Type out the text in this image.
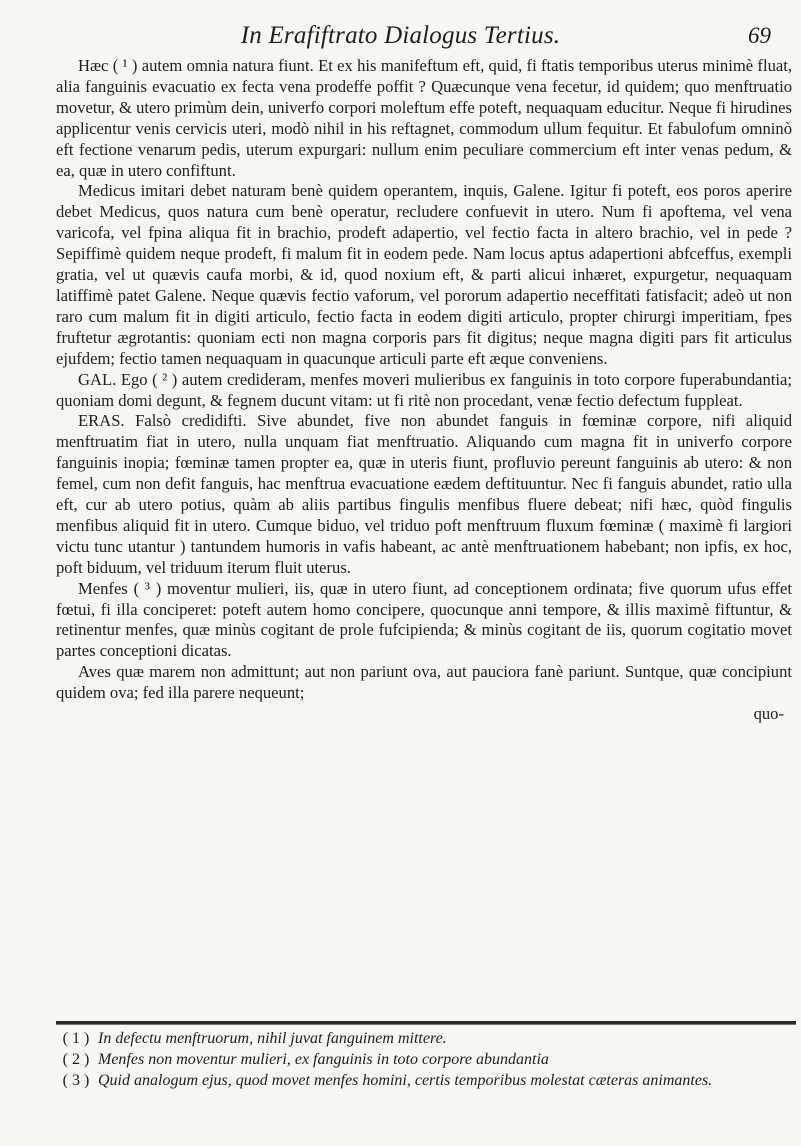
In Erafiftrato Dialogus Tertius.	69

Hæc ( ¹ ) autem omnia natura fiunt. Et ex his manifeftum eft, quid, fi ftatis temporibus uterus minimè fluat, alia fanguinis evacuatio ex fecta vena prodeffe poffit ? Quæcunque vena fecetur, id quidem; quo menftruatio movetur, & utero primùm dein, univerfo corpori moleftum effe poteft, nequaquam educitur. Neque fi hirudines applicentur venis cervicis uteri, modò nihil in his reftagnet, commodum ullum fequitur. Et fabulofum omninò eft fectione venarum pedis, uterum expurgari: nullum enim peculiare commercium eft inter venas pedum, & ea, quæ in utero confiftunt.

Medicus imitari debet naturam benè quidem operantem, inquis, Galene. Igitur fi poteft, eos poros aperire debet Medicus, quos natura cum benè operatur, recludere confuevit in utero. Num fi apoftema, vel vena varicofa, vel fpina aliqua fit in brachio, prodeft adapertio, vel fectio facta in altero brachio, vel in pede ? Sepiffimè quidem neque prodeft, fi malum fit in eodem pede. Nam locus aptus adapertioni abfceffus, exempli gratia, vel ut quævis caufa morbi, & id, quod noxium eft, & parti alicui inhæret, expurgetur, nequaquam latiffimè patet Galene. Neque quævis fectio vaforum, vel pororum adapertio neceffitati fatisfacit; adeò ut non raro cum malum fit in digiti articulo, fectio facta in eodem digiti articulo, propter chirurgi imperitiam, fpes fruftetur ægrotantis: quoniam ecti non magna corporis pars fit digitus; neque magna digiti pars fit articulus ejufdem; fectio tamen nequaquam in quacunque articuli parte eft æque conveniens.

GAL. Ego ( ² ) autem credideram, menfes moveri mulieribus ex fanguinis in toto corpore fuperabundantia; quoniam domi degunt, & fegnem ducunt vitam: ut fi ritè non procedant, venæ fectio defectum fuppleat.

ERAS. Falsò credidifti. Sive abundet, five non abundet fanguis in fœminæ corpore, nifi aliquid menftruatim fiat in utero, nulla unquam fiat menftruatio. Aliquando cum magna fit in univerfo corpore fanguinis inopia; fœminæ tamen propter ea, quæ in uteris fiunt, profluvio pereunt fanguinis ab utero: & non femel, cum non defit fanguis, hac menftrua evacuatione eædem deftituuntur. Nec fi fanguis abundet, ratio ulla eft, cur ab utero potius, quàm ab aliis partibus fingulis menfibus fluere debeat; nifi hæc, quòd fingulis menfibus aliquid fit in utero. Cumque biduo, vel triduo poft menftruum fluxum fœminæ ( maximè fi largiori victu tunc utantur ) tantundem humoris in vafis habeant, ac antè menftruationem habebant; non ipfis, ex hoc, poft biduum, vel triduum iterum fluit uterus.

Menfes ( ³ ) moventur mulieri, iis, quæ in utero fiunt, ad conceptionem ordinata; five quorum ufus effet fœtui, fi illa conciperet: poteft autem homo concipere, quocunque anni tempore, & illis maximè fiftuntur, & retinentur menfes, quæ minùs cogitant de prole fufcipienda; & minùs cogitant de iis, quorum cogitatio movet partes conceptioni dicatas.

Aves quæ marem non admittunt; aut non pariunt ova, aut pauciora fanè pariunt. Suntque, quæ concipiunt quidem ova; fed illa parere nequeunt;

quo-

( 1 ) In defectu menftruorum, nihil juvat fanguinem mittere.

( 2 ) Menfes non moventur mulieri, ex fanguinis in toto corpore abundantia

( 3 ) Quid analogum ejus, quod movet menfes homini, certis temporibus molestat cæteras animantes.
